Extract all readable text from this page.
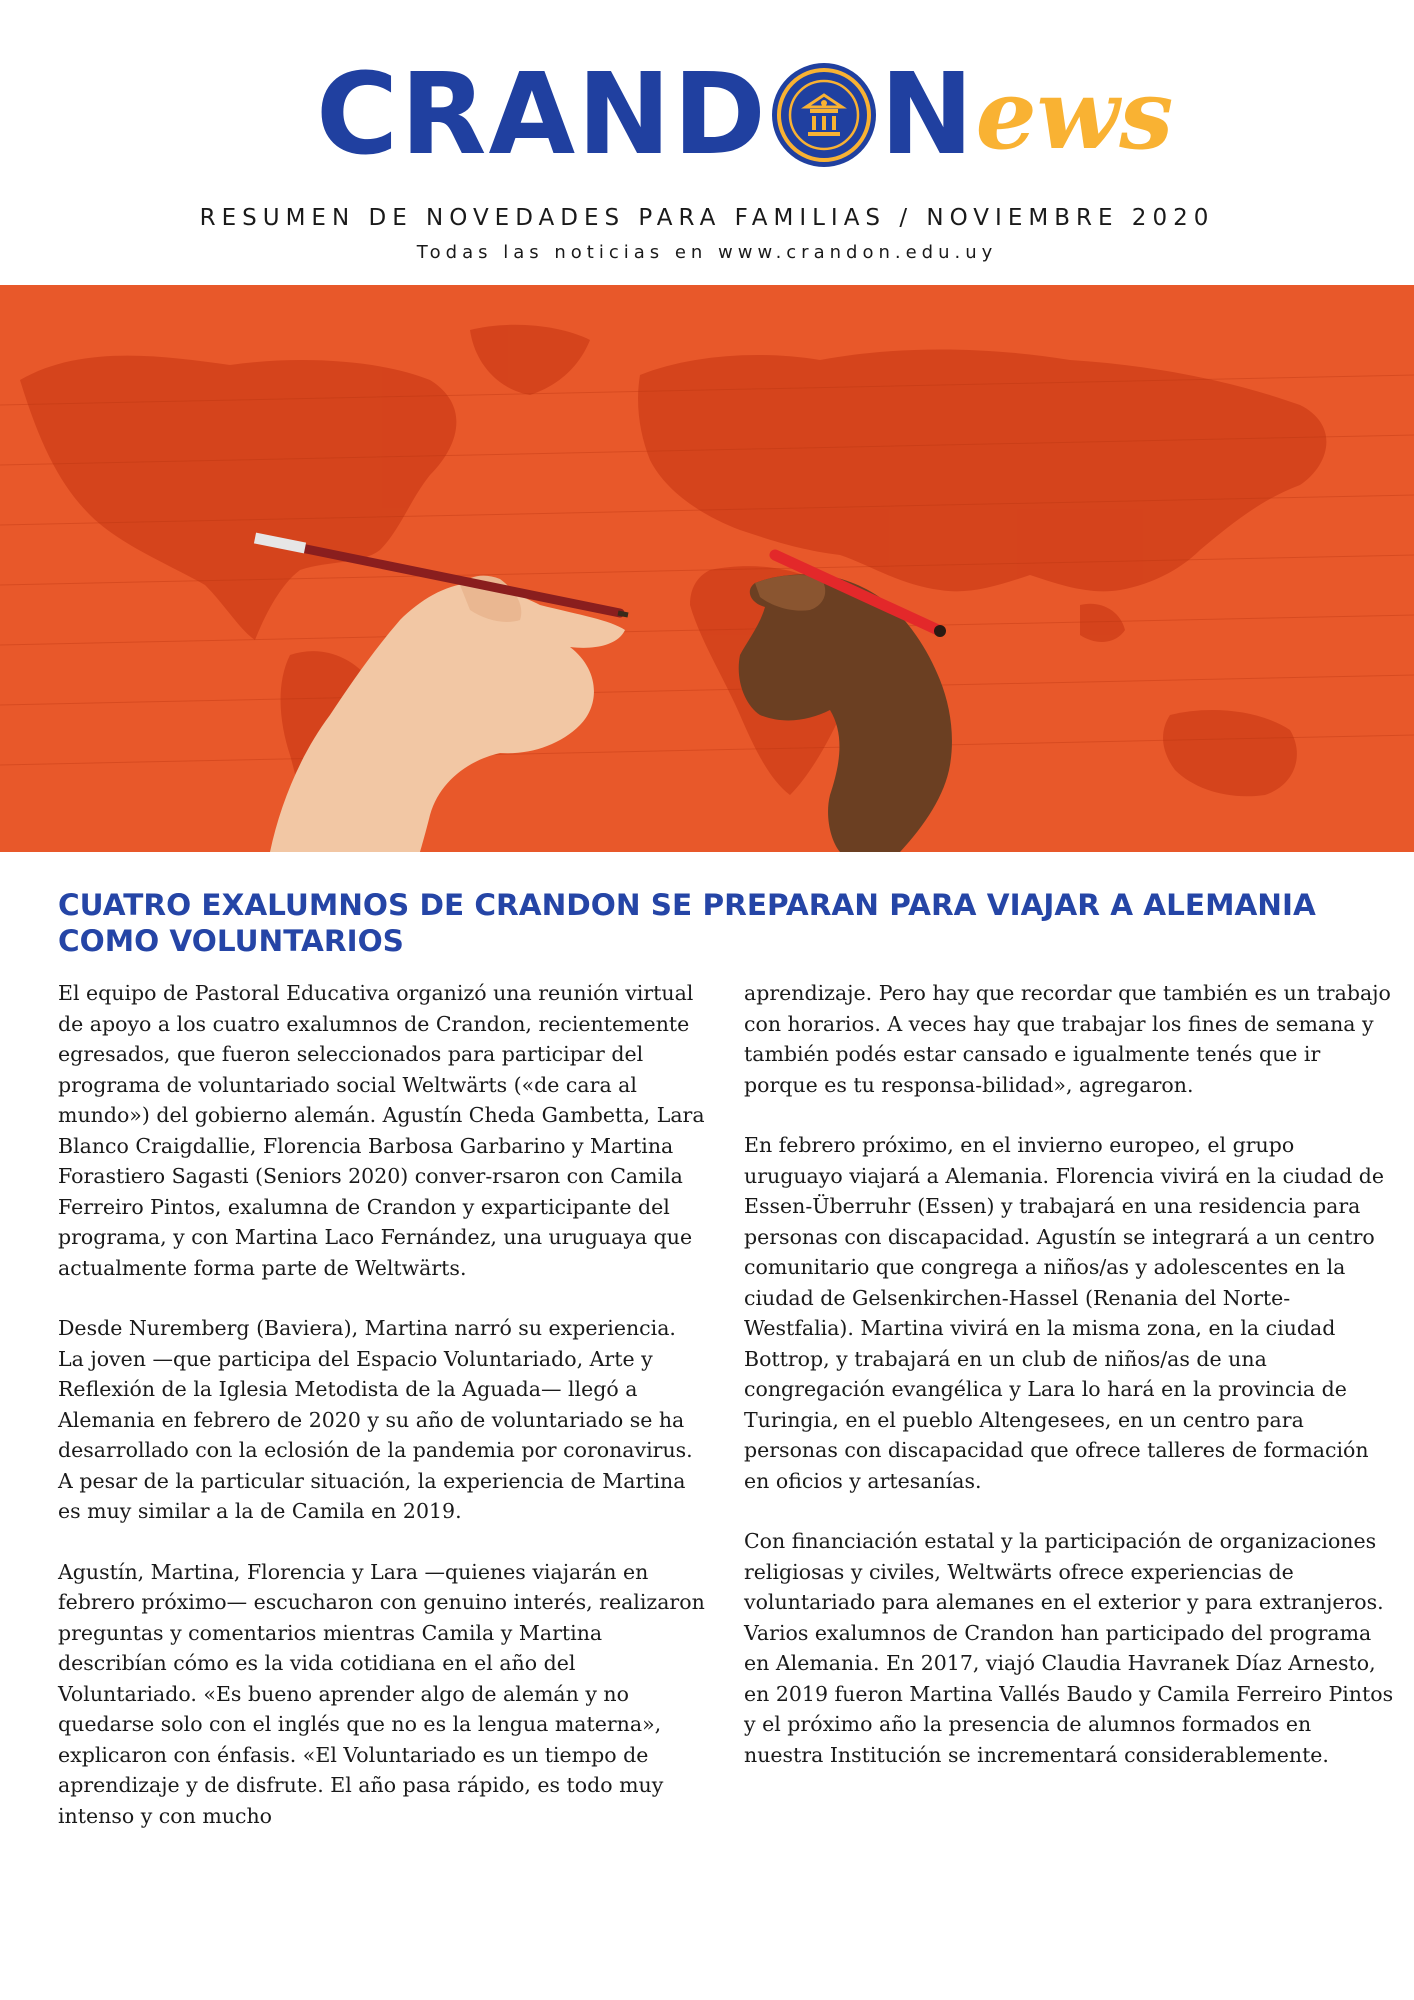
CRAND N ews
RESUMEN DE NOVEDADES PARA FAMILIAS / NOVIEMBRE 2020
Todas las noticias en www.crandon.edu.uy
CUATRO EXALUMNOS DE CRANDON SE PREPARAN PARA VIAJAR A ALEMANIA COMO VOLUNTARIOS

El equipo de Pastoral Educativa organizó una reunión virtual de apoyo a los cuatro exalumnos de Crandon, recientemente egresados, que fueron seleccionados para participar del programa de voluntariado social Weltwärts («de cara al mundo») del gobierno alemán. Agustín Cheda Gambetta, Lara Blanco Craigdallie, Florencia Barbosa Garbarino y Martina Forastiero Sagasti (Seniors 2020) conver-rsaron con Camila Ferreiro Pintos, exalumna de Crandon y exparticipante del programa, y con Martina Laco Fernández, una uruguaya que actualmente forma parte de Weltwärts.

Desde Nuremberg (Baviera), Martina narró su experiencia. La joven —que participa del Espacio Voluntariado, Arte y Reflexión de la Iglesia Metodista de la Aguada— llegó a Alemania en febrero de 2020 y su año de voluntariado se ha desarrollado con la eclosión de la pandemia por coronavirus. A pesar de la particular situación, la experiencia de Martina es muy similar a la de Camila en 2019.

Agustín, Martina, Florencia y Lara —quienes viajarán en febrero próximo— escucharon con genuino interés, realizaron preguntas y comentarios mientras Camila y Martina describían cómo es la vida cotidiana en el año del Voluntariado. «Es bueno aprender algo de alemán y no quedarse solo con el inglés que no es la lengua materna», explicaron con énfasis. «El Voluntariado es un tiempo de aprendizaje y de disfrute. El año pasa rápido, es todo muy intenso y con mucho

aprendizaje. Pero hay que recordar que también es un trabajo con horarios. A veces hay que trabajar los fines de semana y también podés estar cansado e igualmente tenés que ir porque es tu responsa-bilidad», agregaron.

En febrero próximo, en el invierno europeo, el grupo uruguayo viajará a Alemania. Florencia vivirá en la ciudad de Essen-Überruhr (Essen) y trabajará en una residencia para personas con discapacidad. Agustín se integrará a un centro comunitario que congrega a niños/as y adolescentes en la ciudad de Gelsenkirchen-Hassel (Renania del Norte-Westfalia). Martina vivirá en la misma zona, en la ciudad Bottrop, y trabajará en un club de niños/as de una congregación evangélica y Lara lo hará en la provincia de Turingia, en el pueblo Altengesees, en un centro para personas con discapacidad que ofrece talleres de formación en oficios y artesanías.

Con financiación estatal y la participación de organizaciones religiosas y civiles, Weltwärts ofrece experiencias de voluntariado para alemanes en el exterior y para extranjeros. Varios exalumnos de Crandon han participado del programa en Alemania. En 2017, viajó Claudia Havranek Díaz Arnesto, en 2019 fueron Martina Vallés Baudo y Camila Ferreiro Pintos y el próximo año la presencia de alumnos formados en nuestra Institución se incrementará considerablemente.
